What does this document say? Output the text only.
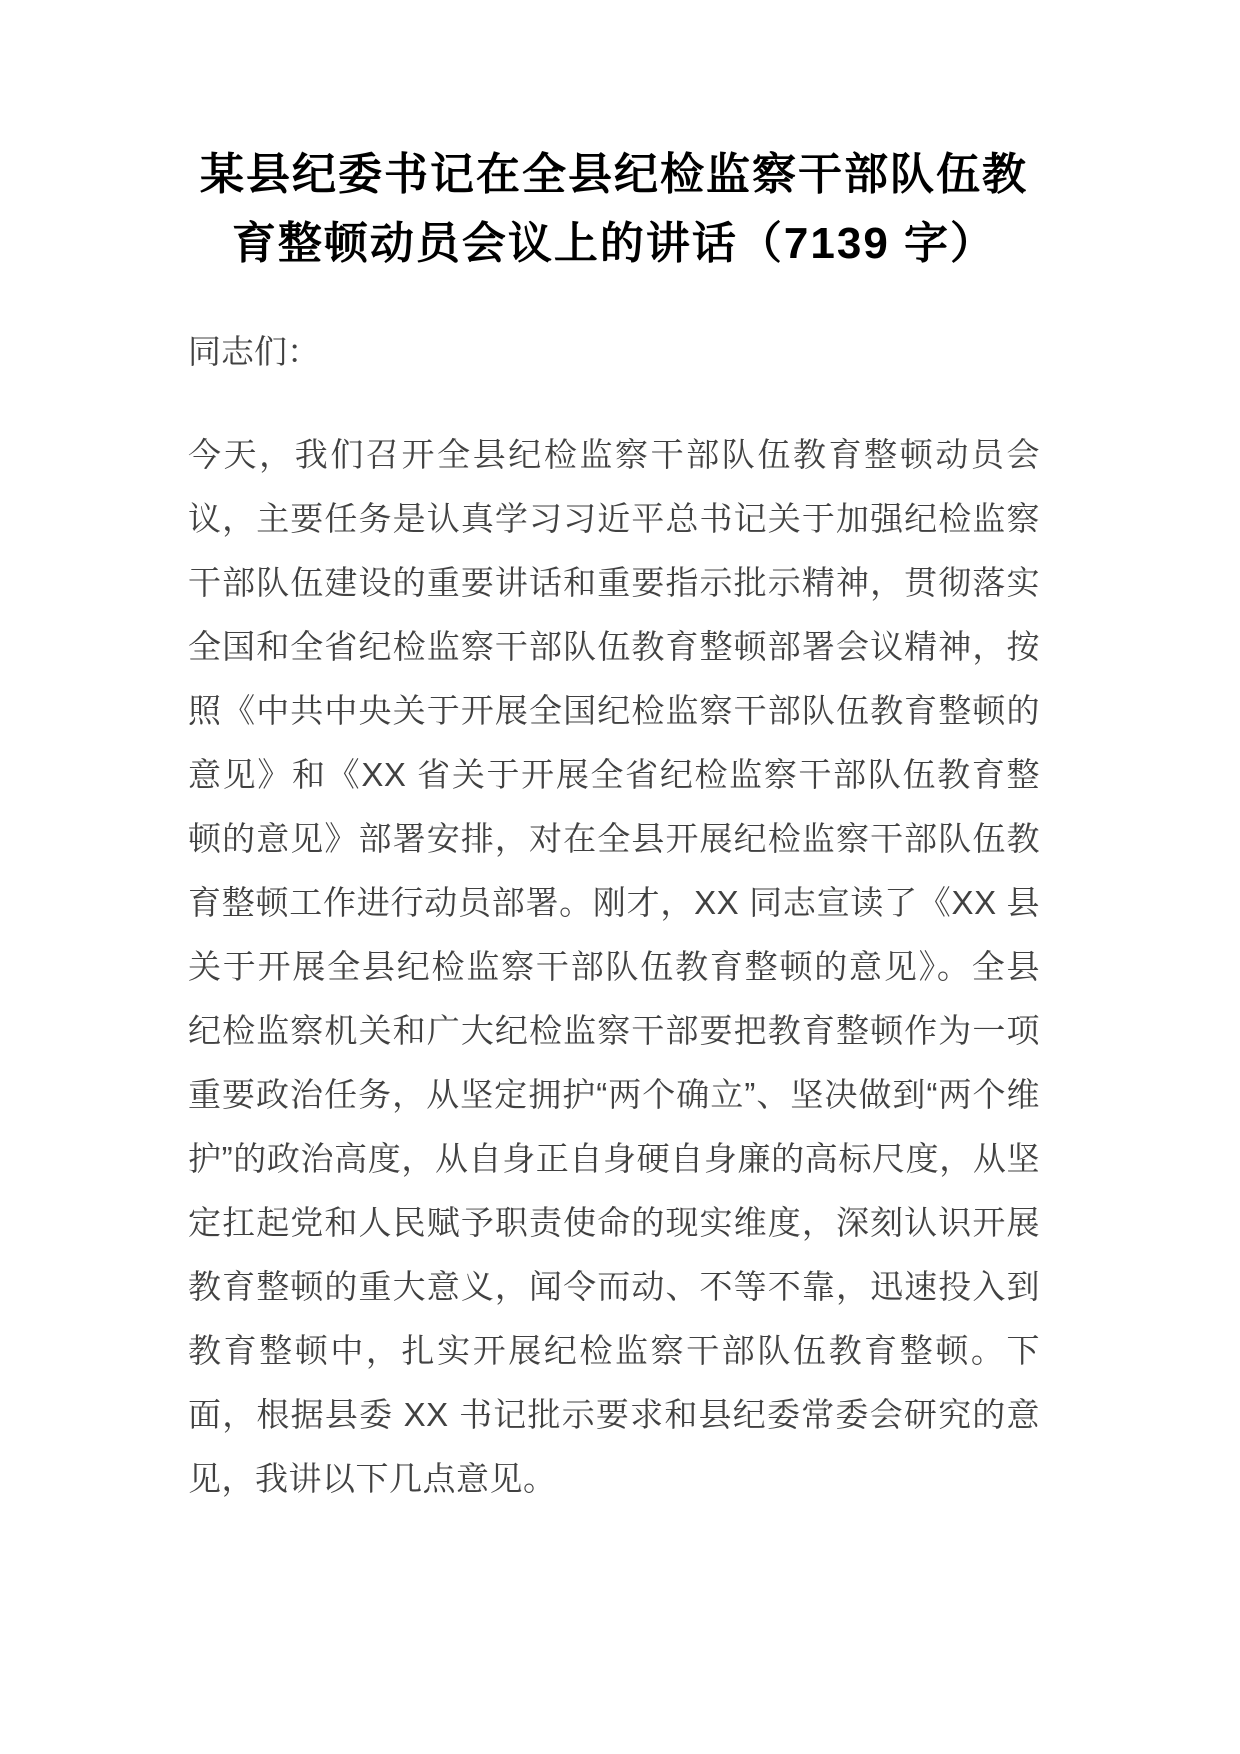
某县纪委书记在全县纪检监察干部队伍教育整顿动员会议上的讲话（7139 字）

同志们：

今天，我们召开全县纪检监察干部队伍教育整顿动员会议，主要任务是认真学习习近平总书记关于加强纪检监察干部队伍建设的重要讲话和重要指示批示精神，贯彻落实全国和全省纪检监察干部队伍教育整顿部署会议精神，按照《中共中央关于开展全国纪检监察干部队伍教育整顿的意见》和《XX 省关于开展全省纪检监察干部队伍教育整顿的意见》部署安排，对在全县开展纪检监察干部队伍教育整顿工作进行动员部署。刚才，XX 同志宣读了《XX 县关于开展全县纪检监察干部队伍教育整顿的意见》。全县纪检监察机关和广大纪检监察干部要把教育整顿作为一项重要政治任务，从坚定拥护“两个确立”、坚决做到“两个维护”的政治高度，从自身正自身硬自身廉的高标尺度，从坚定扛起党和人民赋予职责使命的现实维度，深刻认识开展教育整顿的重大意义，闻令而动、不等不靠，迅速投入到教育整顿中，扎实开展纪检监察干部队伍教育整顿。下面，根据县委 XX 书记批示要求和县纪委常委会研究的意见，我讲以下几点意见。
